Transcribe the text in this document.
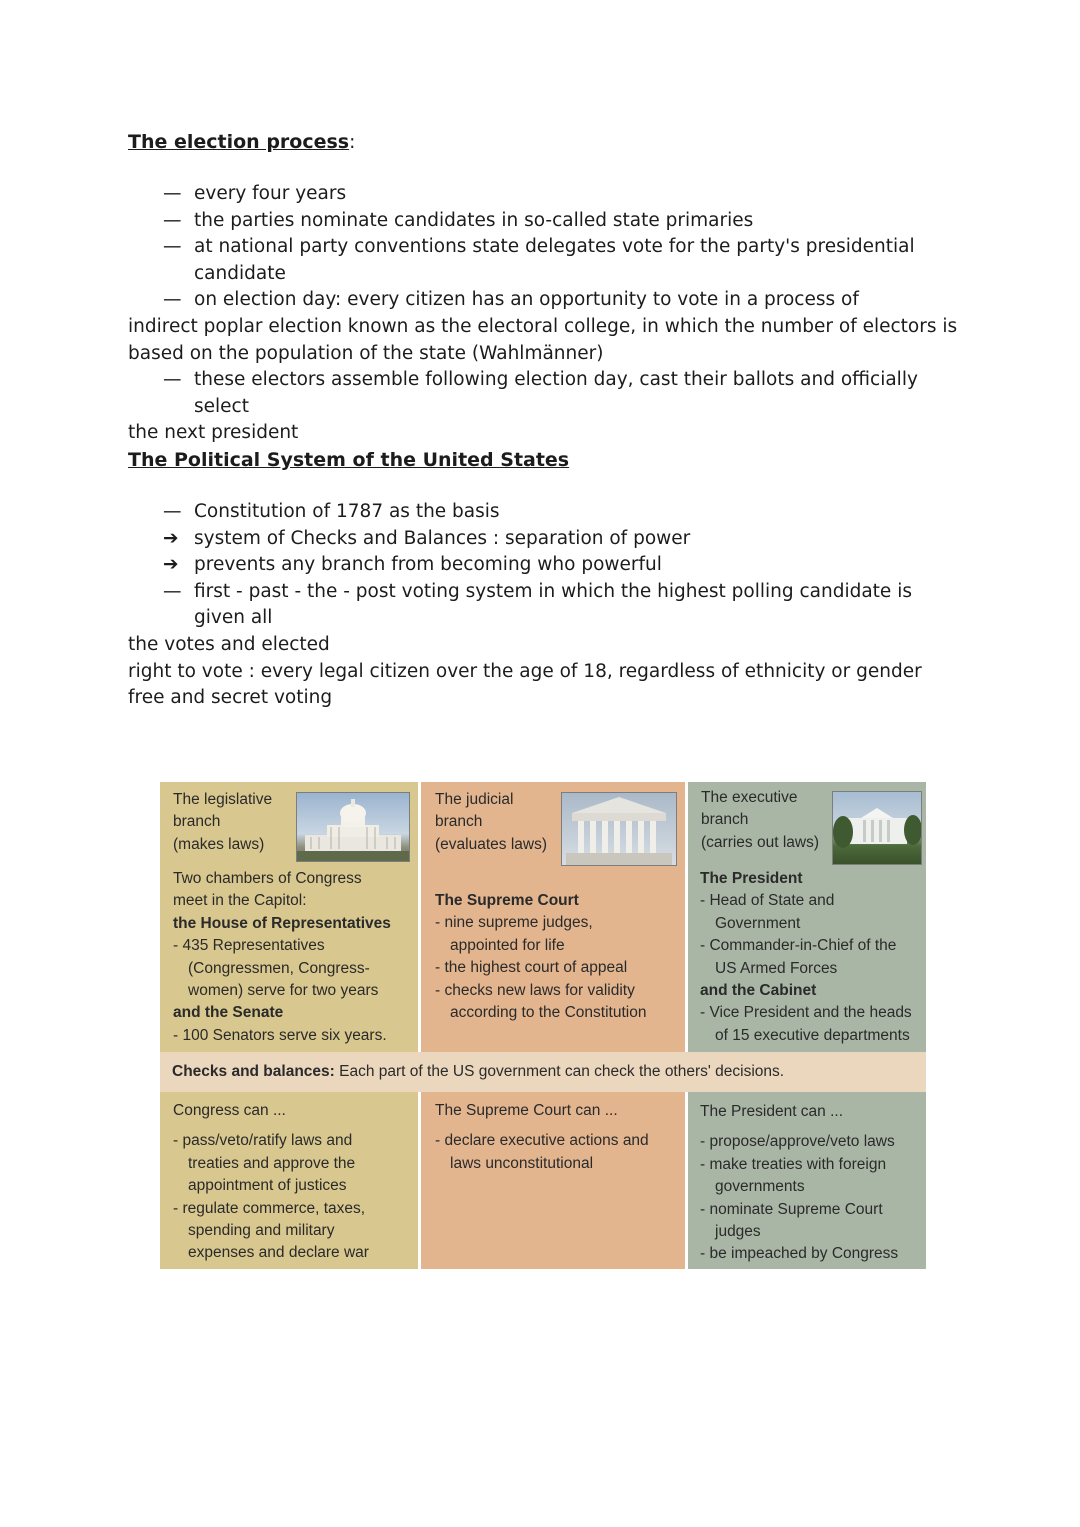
The election process:
—
every four years
—
the parties nominate candidates in so-called state primaries
—
at national party conventions state delegates vote for the party's presidential
candidate
—
on election day: every citizen has an opportunity to vote in a process of
indirect poplar election known as the electoral college, in which the number of electors is
based on the population of the state (Wahlmänner)
—
these electors assemble following election day, cast their ballots and officially select
the next president
The Political System of the United States
—
Constitution of 1787 as the basis
➔
system of Checks and Balances : separation of power
➔
prevents any branch from becoming who powerful
—
first - past - the - post voting system in which the highest polling candidate is given all
the votes and elected
right to vote : every legal citizen over the age of 18, regardless of ethnicity or gender
free and secret voting
Checks and balances: Each part of the US government can check the others' decisions.
The legislative
branch
(makes laws)
The judicial
branch
(evaluates laws)
The executive
branch
(carries out laws)
Two chambers of Congress
meet in the Capitol:
the House of Representatives
- 435 Representatives
(Congressmen, Congress-
women) serve for two years
and the Senate
- 100 Senators serve six years.
The Supreme Court
- nine supreme judges,
appointed for life
- the highest court of appeal
- checks new laws for validity
according to the Constitution
The President
- Head of State and
Government
- Commander-in-Chief of the
US Armed Forces
and the Cabinet
- Vice President and the heads
of 15 executive departments
Congress can ...
- pass/veto/ratify laws and
treaties and approve the
appointment of justices
- regulate commerce, taxes,
spending and military
expenses and declare war
The Supreme Court can ...
- declare executive actions and
laws unconstitutional
The President can ...
- propose/approve/veto laws
- make treaties with foreign
governments
- nominate Supreme Court
judges
- be impeached by Congress
